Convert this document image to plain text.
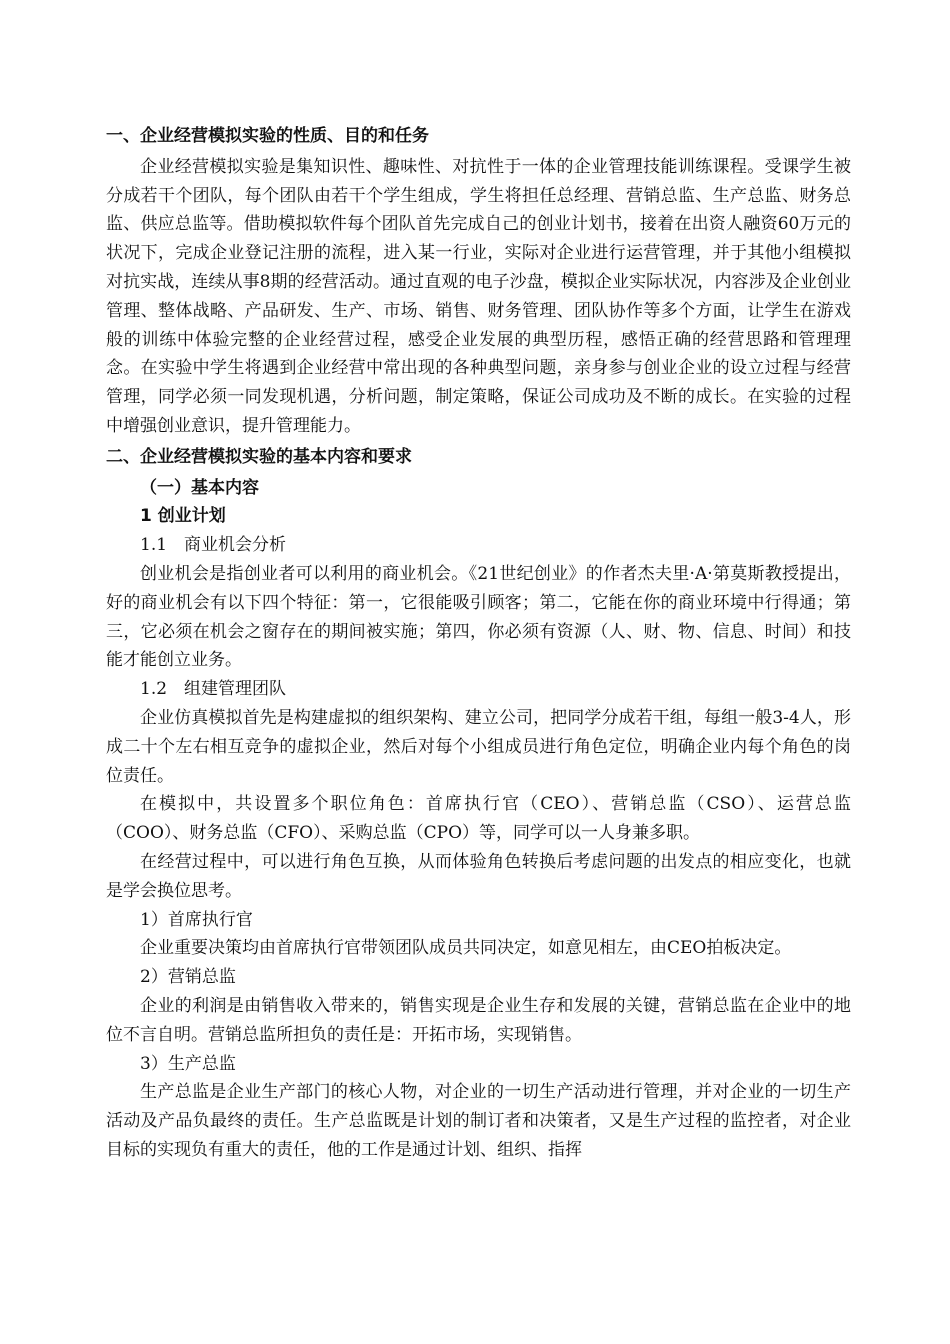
一、企业经营模拟实验的性质、目的和任务

企业经营模拟实验是集知识性、趣味性、对抗性于一体的企业管理技能训练课程。受课学生被分成若干个团队，每个团队由若干个学生组成，学生将担任总经理、营销总监、生产总监、财务总监、供应总监等。借助模拟软件每个团队首先完成自己的创业计划书，接着在出资人融资60万元的状况下，完成企业登记注册的流程，进入某一行业，实际对企业进行运营管理，并于其他小组模拟对抗实战，连续从事8期的经营活动。通过直观的电子沙盘，模拟企业实际状况，内容涉及企业创业管理、整体战略、产品研发、生产、市场、销售、财务管理、团队协作等多个方面，让学生在游戏般的训练中体验完整的企业经营过程，感受企业发展的典型历程，感悟正确的经营思路和管理理念。在实验中学生将遇到企业经营中常出现的各种典型问题，亲身参与创业企业的设立过程与经营管理，同学必须一同发现机遇，分析问题，制定策略，保证公司成功及不断的成长。在实验的过程中增强创业意识，提升管理能力。

二、企业经营模拟实验的基本内容和要求

（一）基本内容

1 创业计划

1.1　商业机会分析

创业机会是指创业者可以利用的商业机会。《21世纪创业》的作者杰夫里·A·第莫斯教授提出，好的商业机会有以下四个特征：第一，它很能吸引顾客；第二，它能在你的商业环境中行得通；第三，它必须在机会之窗存在的期间被实施；第四，你必须有资源（人、财、物、信息、时间）和技能才能创立业务。

1.2　组建管理团队

企业仿真模拟首先是构建虚拟的组织架构、建立公司，把同学分成若干组，每组一般3-4人，形成二十个左右相互竞争的虚拟企业，然后对每个小组成员进行角色定位，明确企业内每个角色的岗位责任。

在模拟中，共设置多个职位角色：首席执行官（CEO）、营销总监（CSO）、运营总监（COO）、财务总监（CFO）、采购总监（CPO）等，同学可以一人身兼多职。

在经营过程中，可以进行角色互换，从而体验角色转换后考虑问题的出发点的相应变化，也就是学会换位思考。

1）首席执行官

企业重要决策均由首席执行官带领团队成员共同决定，如意见相左，由CEO拍板决定。

2）营销总监

企业的利润是由销售收入带来的，销售实现是企业生存和发展的关键，营销总监在企业中的地位不言自明。营销总监所担负的责任是：开拓市场，实现销售。

3）生产总监

生产总监是企业生产部门的核心人物，对企业的一切生产活动进行管理，并对企业的一切生产活动及产品负最终的责任。生产总监既是计划的制订者和决策者，又是生产过程的监控者，对企业目标的实现负有重大的责任，他的工作是通过计划、组织、指挥
